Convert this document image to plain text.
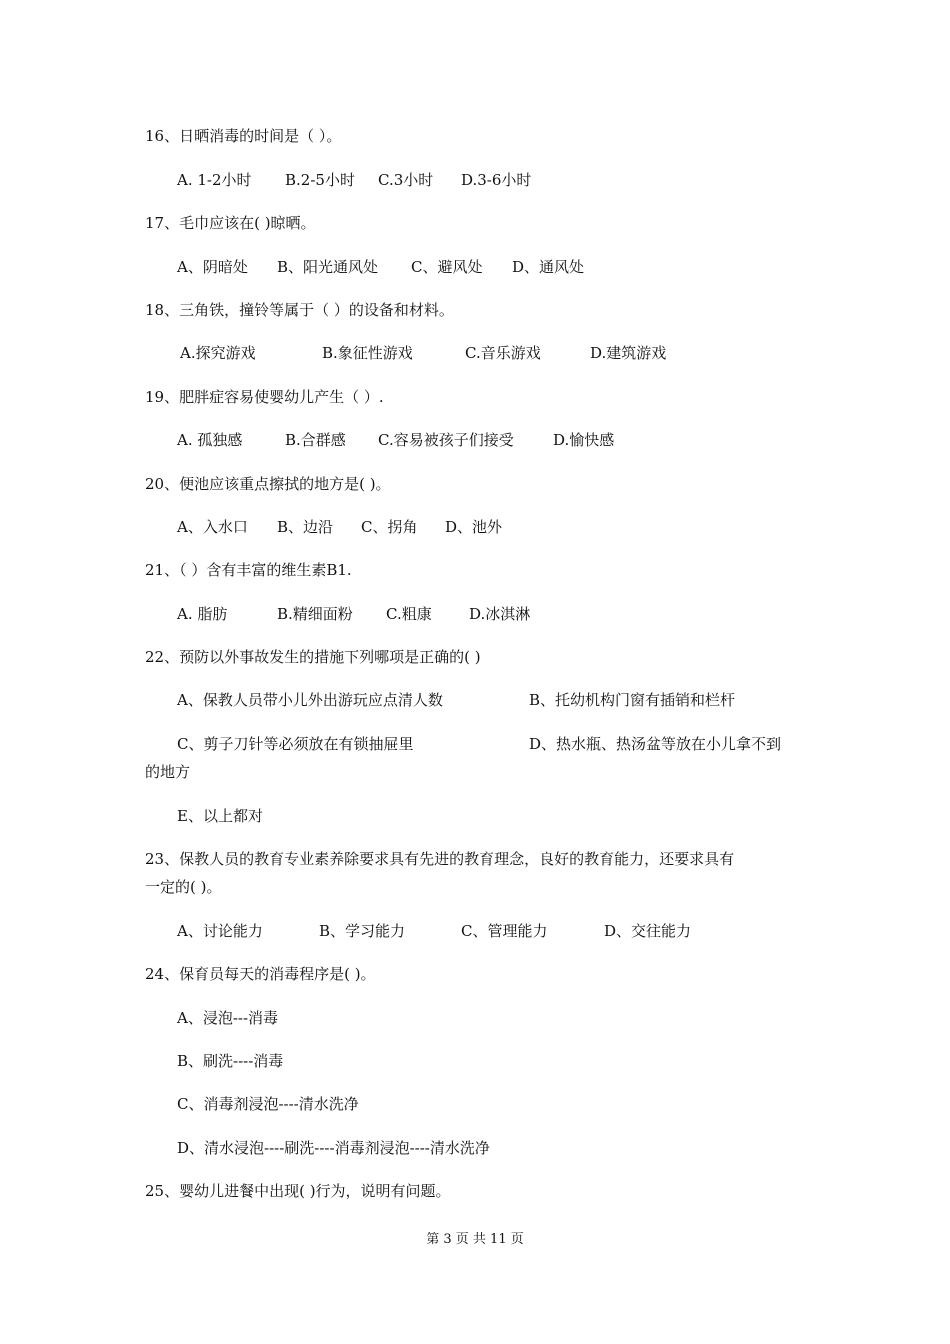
16、日晒消毒的时间是（ ）。
A. 1-2小时 B.2-5小时 C.3小时 D.3-6小时
17、毛巾应该在( )晾晒。
A、阴暗处 B、阳光通风处 C、避风处 D、通风处
18、三角铁，撞铃等属于（ ）的设备和材料。
A.探究游戏	B.象征性游戏	C.音乐游戏	D.建筑游戏
19、肥胖症容易使婴幼儿产生（ ）.
A. 孤独感	B.合群感 C.容易被孩子们接受	D.愉快感
20、便池应该重点擦拭的地方是( )。
A、入水口 B、边沿 C、拐角 D、池外
21、（ ）含有丰富的维生素B1.
A. 脂肪	B.精细面粉 C.粗康 D.冰淇淋
22、预防以外事故发生的措施下列哪项是正确的( )
A、保教人员带小儿外出游玩应点清人数	B、托幼机构门窗有插销和栏杆
C、剪子刀针等必须放在有锁抽屉里	D、热水瓶、热汤盆等放在小儿拿不到
的地方
E、以上都对
23、保教人员的教育专业素养除要求具有先进的教育理念，良好的教育能力，还要求具有
一定的( )。
A、讨论能力	B、学习能力	C、管理能力	D、交往能力
24、保育员每天的消毒程序是( )。
A、浸泡---消毒
B、刷洗----消毒
C、消毒剂浸泡----清水洗净
D、清水浸泡----刷洗----消毒剂浸泡----清水洗净
25、婴幼儿进餐中出现( )行为，说明有问题。
第 3 页 共 11 页
